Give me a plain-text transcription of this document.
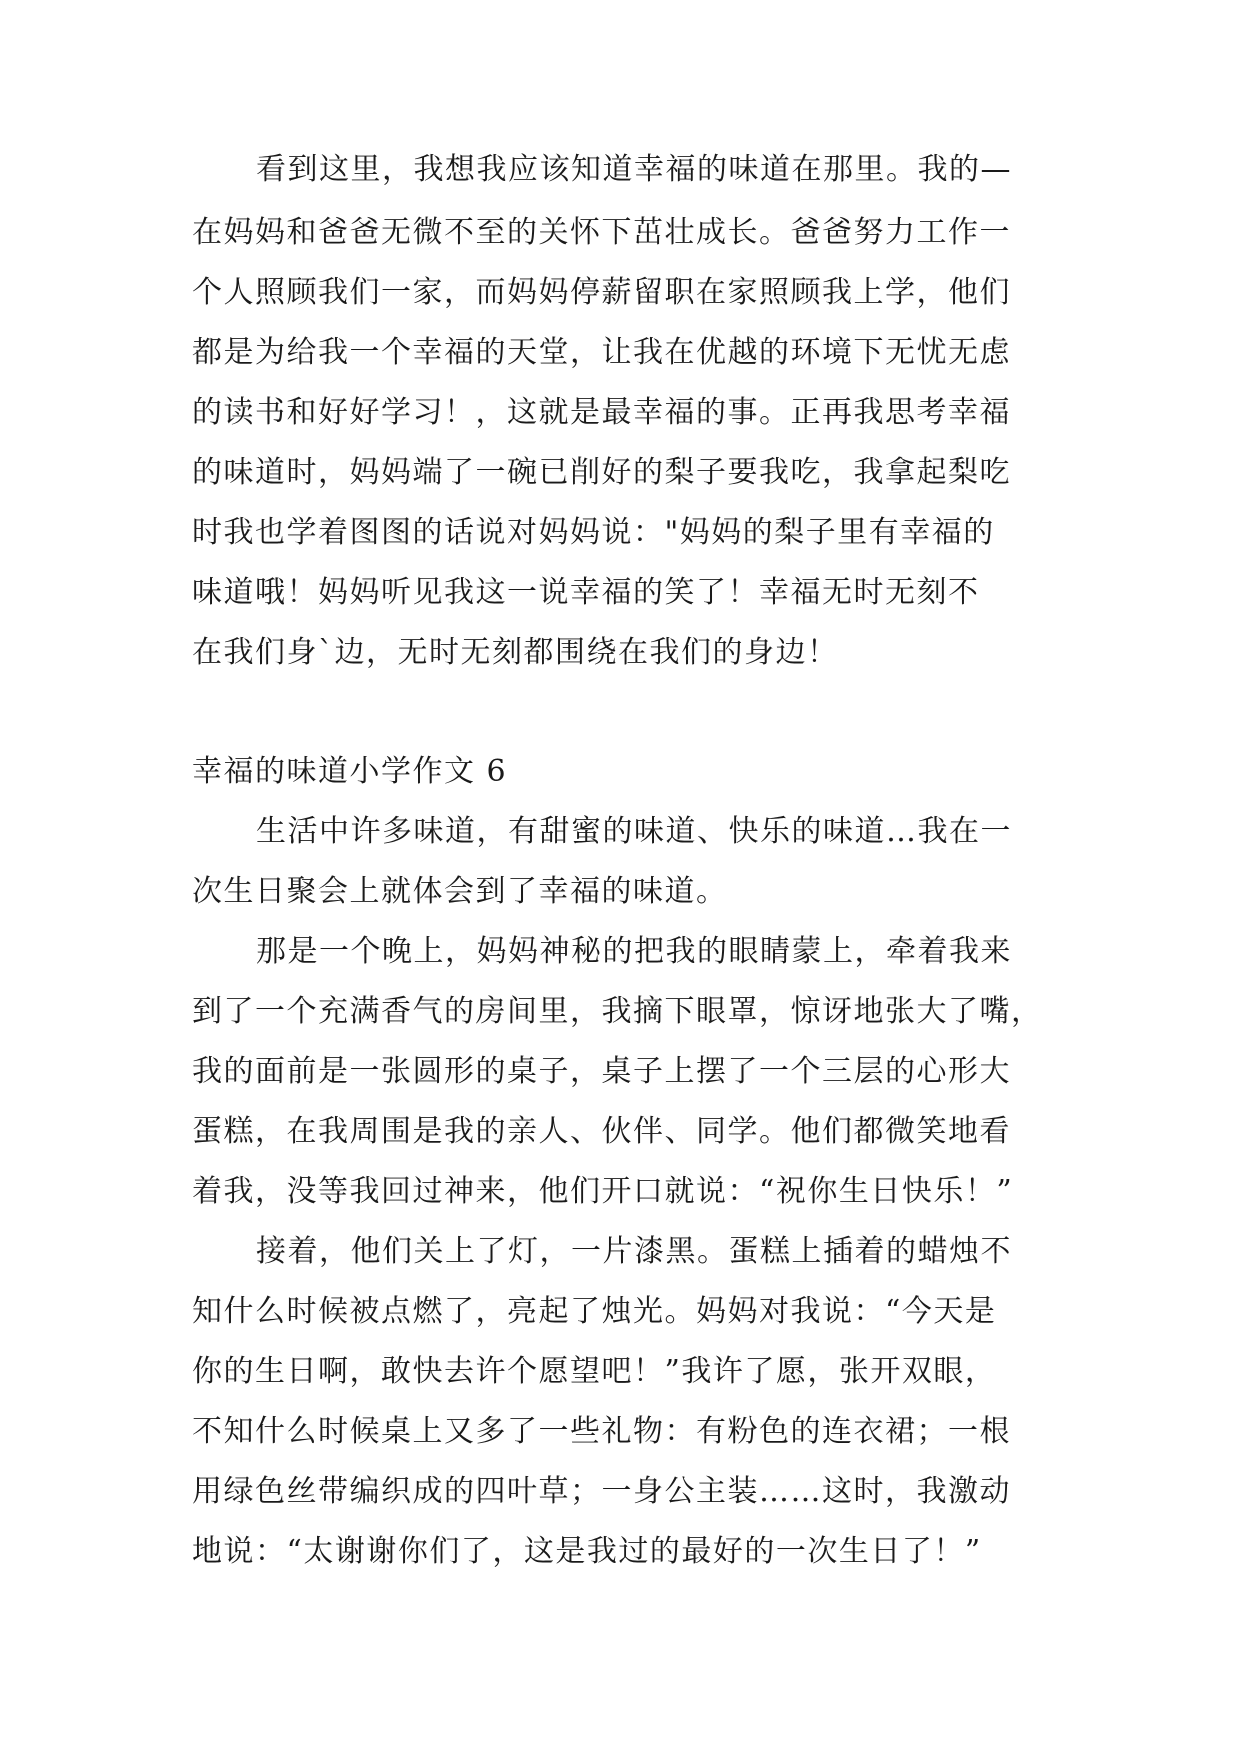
看到这里，我想我应该知道幸福的味道在那里。我的—
在妈妈和爸爸无微不至的关怀下茁壮成长。爸爸努力工作一
个人照顾我们一家，而妈妈停薪留职在家照顾我上学，他们
都是为给我一个幸福的天堂，让我在优越的环境下无忧无虑
的读书和好好学习！，这就是最幸福的事。正再我思考幸福
的味道时，妈妈端了一碗已削好的梨子要我吃，我拿起梨吃
时我也学着图图的话说对妈妈说："妈妈的梨子里有幸福的
味道哦！妈妈听见我这一说幸福的笑了！幸福无时无刻不
在我们身`边，无时无刻都围绕在我们的身边！
幸福的味道小学作文 6
生活中许多味道，有甜蜜的味道、快乐的味道…我在一
次生日聚会上就体会到了幸福的味道。
那是一个晚上，妈妈神秘的把我的眼睛蒙上，牵着我来
到了一个充满香气的房间里，我摘下眼罩，惊讶地张大了嘴，
我的面前是一张圆形的桌子，桌子上摆了一个三层的心形大
蛋糕，在我周围是我的亲人、伙伴、同学。他们都微笑地看
着我，没等我回过神来，他们开口就说：“祝你生日快乐！”
接着，他们关上了灯，一片漆黑。蛋糕上插着的蜡烛不
知什么时候被点燃了，亮起了烛光。妈妈对我说：“今天是
你的生日啊，敢快去许个愿望吧！”我许了愿，张开双眼，
不知什么时候桌上又多了一些礼物：有粉色的连衣裙；一根
用绿色丝带编织成的四叶草；一身公主装……这时，我激动
地说：“太谢谢你们了，这是我过的最好的一次生日了！”
